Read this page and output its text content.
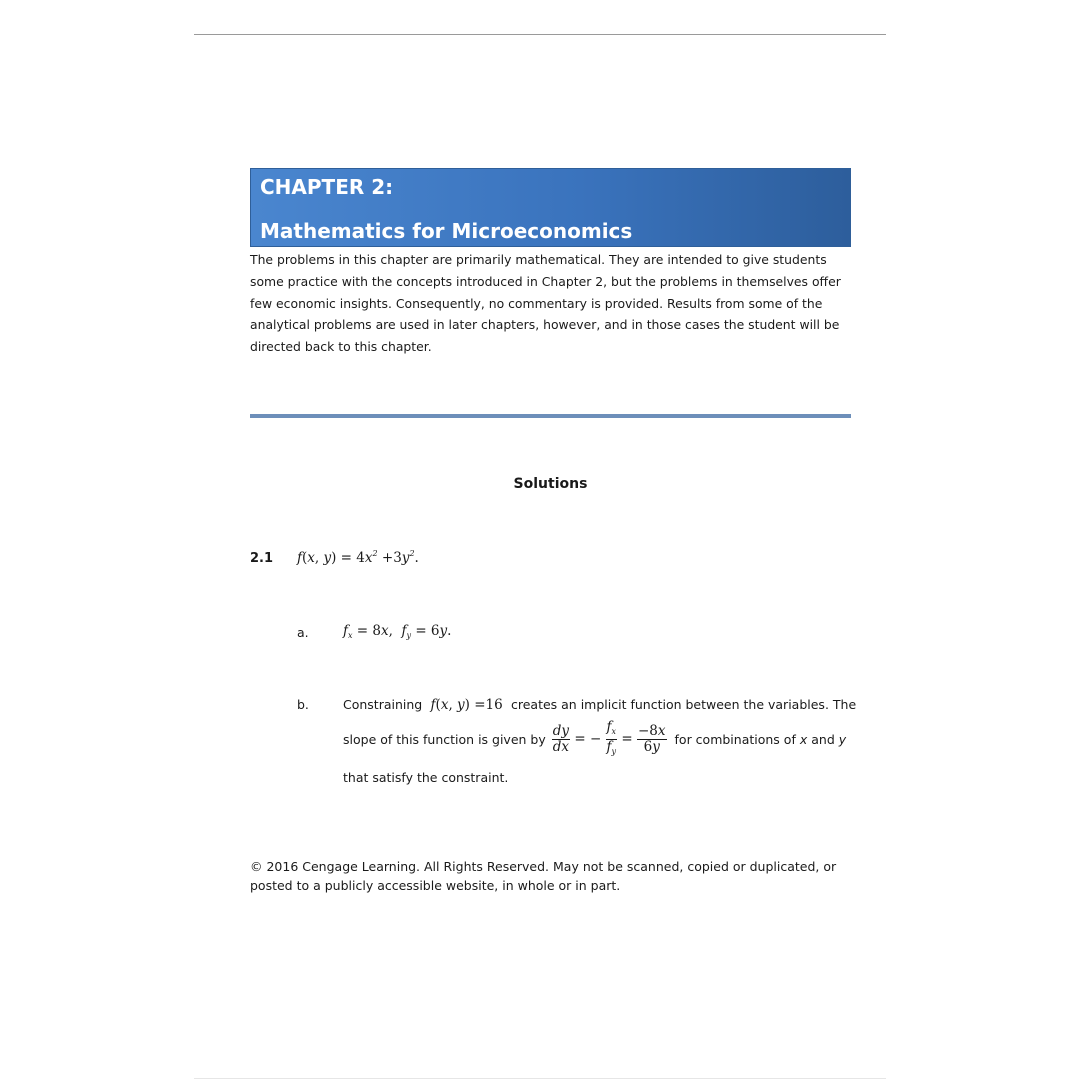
CHAPTER 2:
Mathematics for Microeconomics
The problems in this chapter are primarily mathematical. They are intended to give students
some practice with the concepts introduced in Chapter 2, but the problems in themselves offer
few economic insights. Consequently, no commentary is provided. Results from some of the
analytical problems are used in later chapters, however, and in those cases the student will be
directed back to this chapter.
Solutions
2.1 f(x, $y) = 4x^2 +3y^2$.
a.	$f_x = 8x$,  $f_y = 6y$.
b.	Constraining  f(x, y) =16  creates an implicit function between the variables. The
slope of this function is given by $\frac{dy}{dx}$ = − $\frac{f_x}{f_y} = \frac{-8x}{6y}$ for combinations of x and y
that satisfy the constraint.
© 2016 Cengage Learning. All Rights Reserved. May not be scanned, copied or duplicated, or
posted to a publicly accessible website, in whole or in part.
